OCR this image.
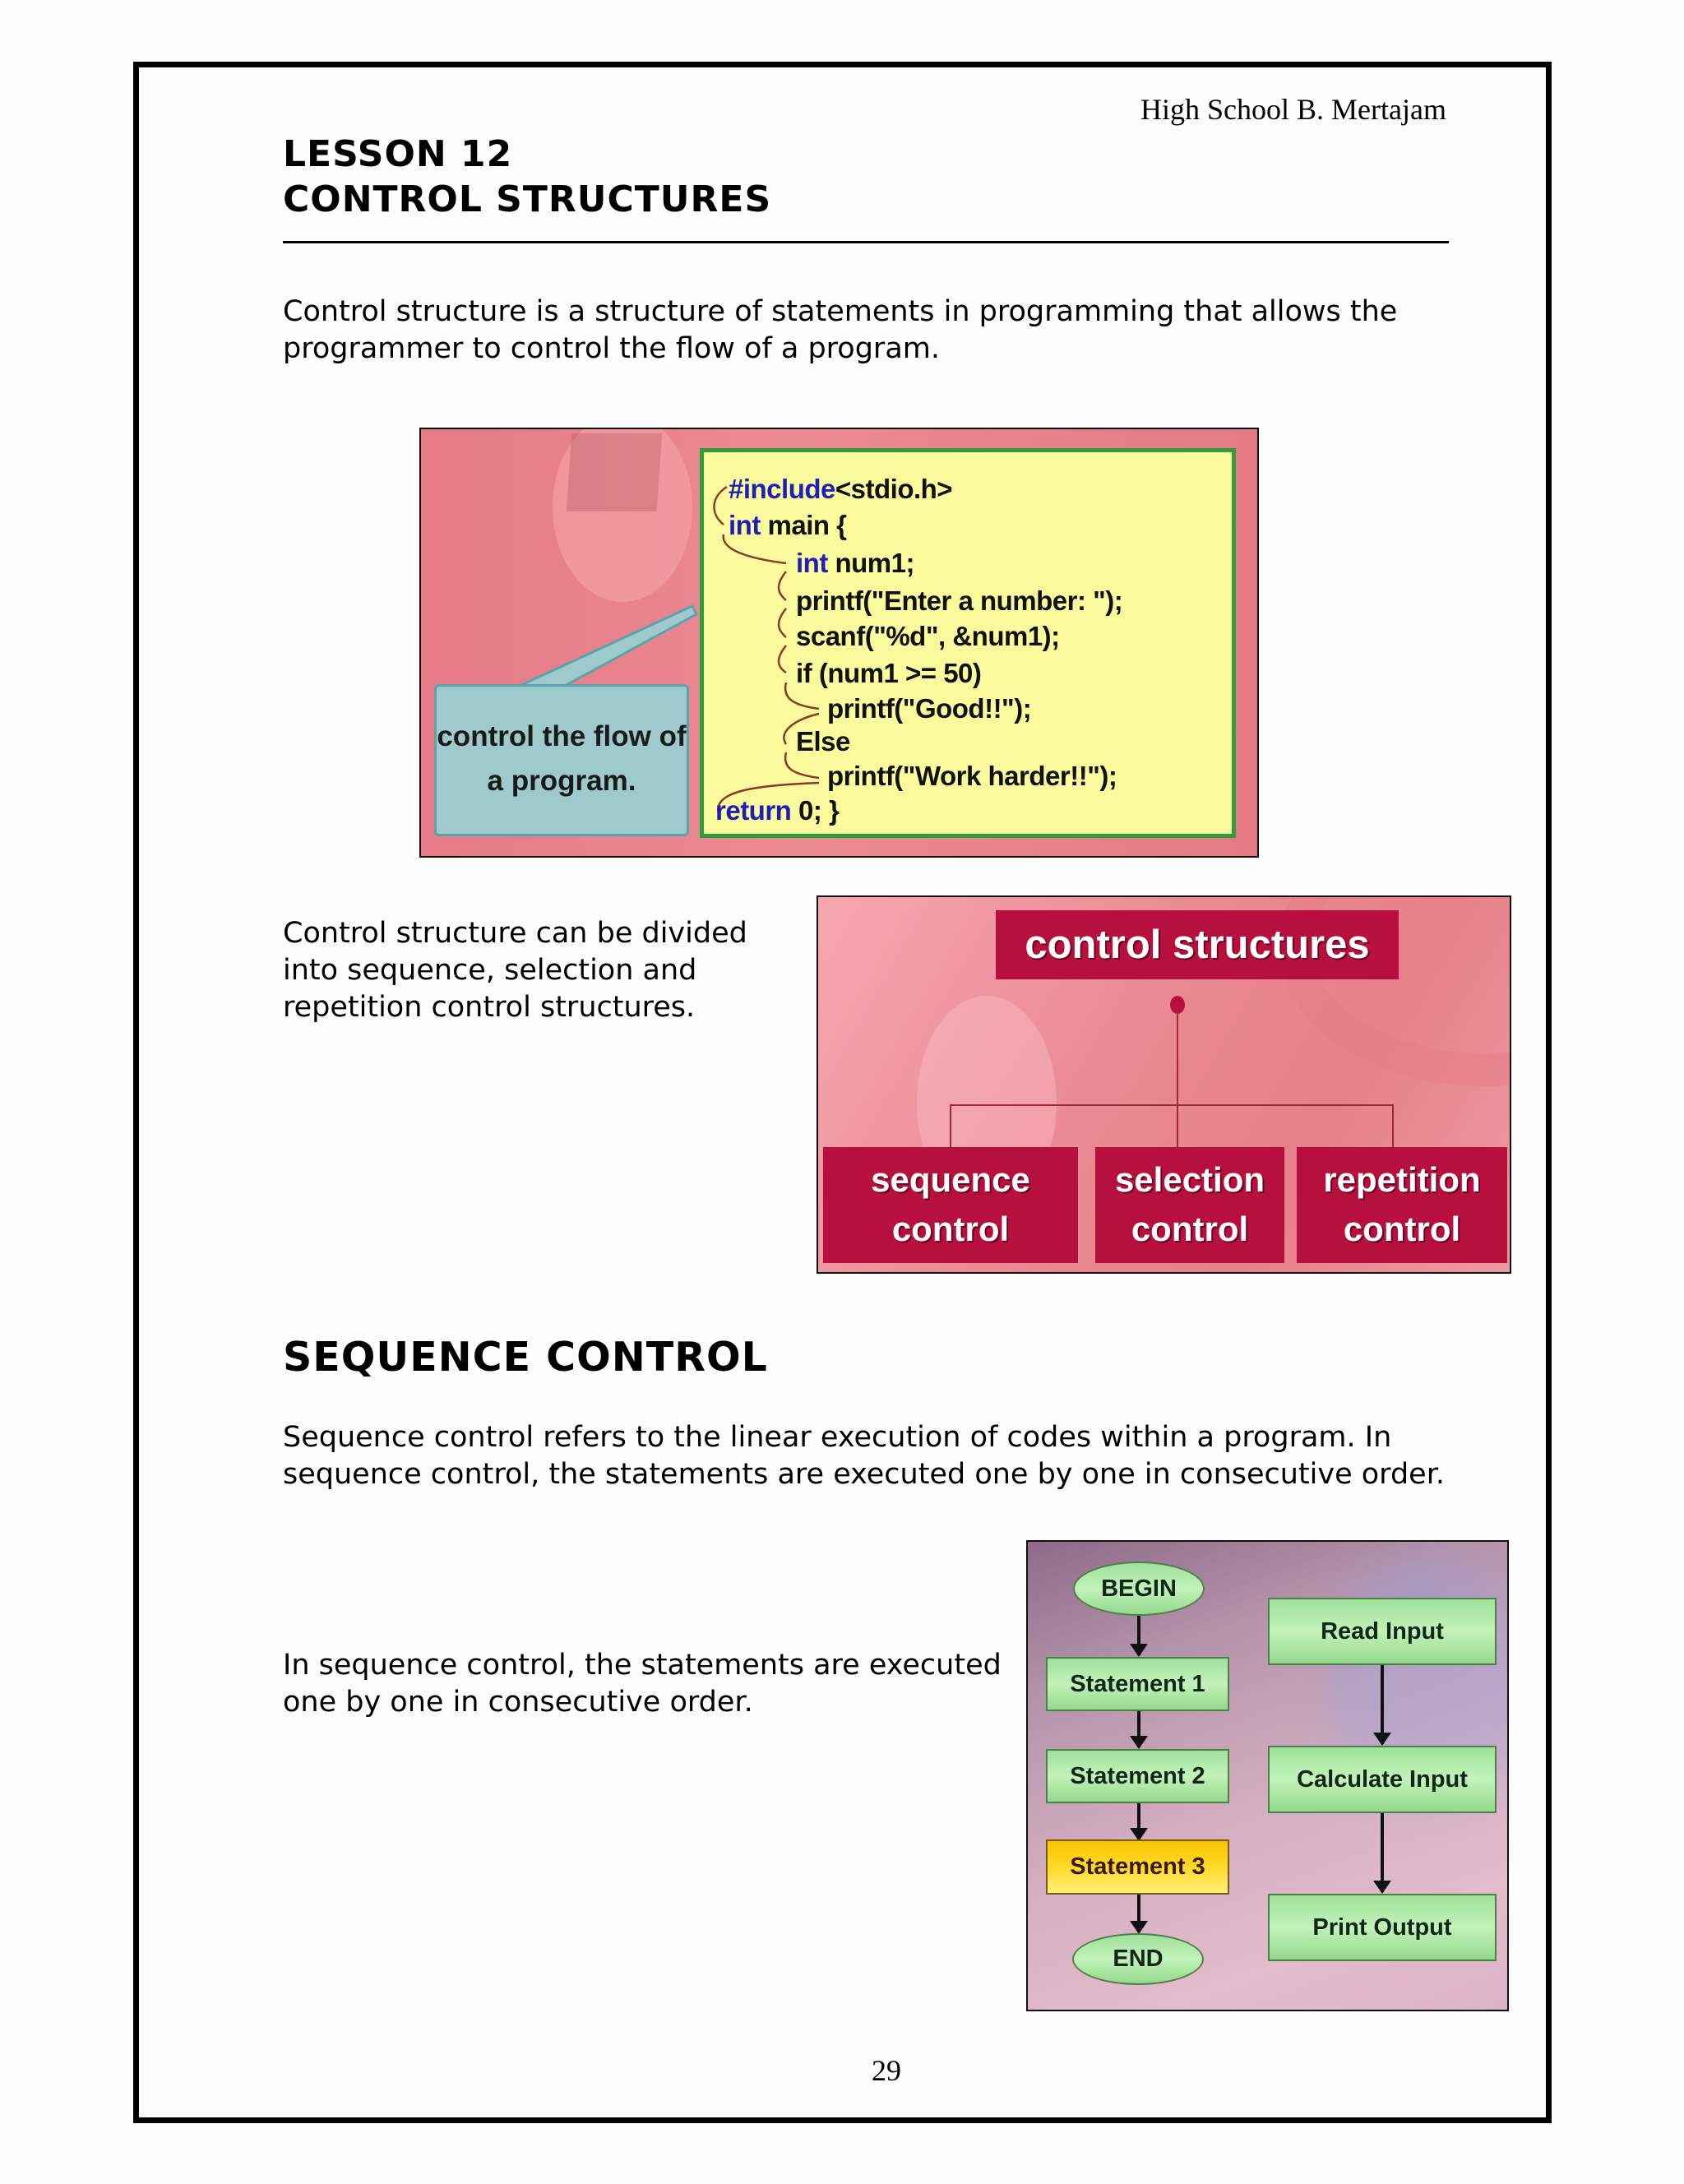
High School B. Mertajam
LESSON 12
CONTROL STRUCTURES

Control structure is a structure of statements in programming that allows the programmer to control the flow of a program.

control the flow of a program.
#include<stdio.h>
int main {
int num1;
printf("Enter a number: ");
scanf("%d", &num1);
if (num1 >= 50)
printf("Good!!");
Else
printf("Work harder!!");
return 0; }

Control structure can be divided into sequence, selection and repetition control structures.

control structures
sequence
control
selection
control
repetition
control
SEQUENCE CONTROL

Sequence control refers to the linear execution of codes within a program. In sequence control, the statements are executed one by one in consecutive order.

In sequence control, the statements are executed one by one in consecutive order.

BEGIN
Statement 1
Statement 2
Statement 3
END
Read Input
Calculate Input
Print Output
29
